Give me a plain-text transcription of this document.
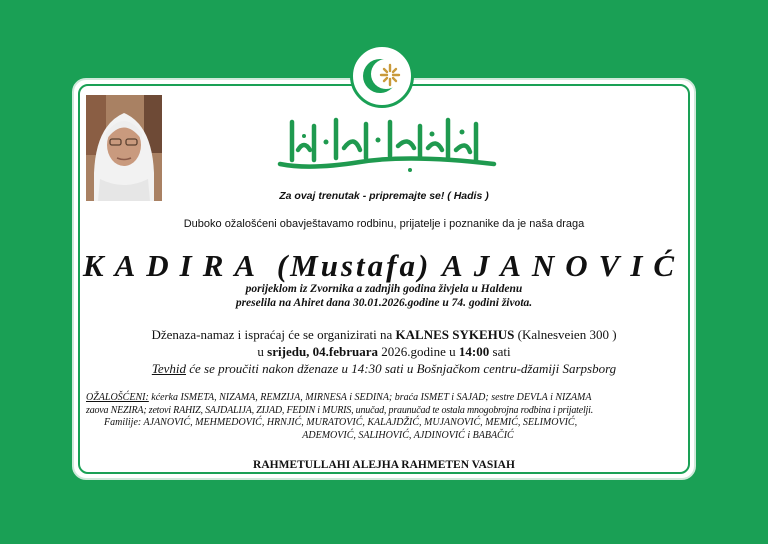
Za ovaj trenutak - pripremajte se! ( Hadis )
Duboko ožalošćeni obavještavamo rodbinu, prijatelje i poznanike da je naša draga
KADIRA (Mustafa) AJANOVIĆ
porijeklom iz Zvornika a zadnjih godina živjela u Haldenu
preselila na Ahiret dana 30.01.2026.godine u 74. godini života.
Dženaza-namaz i ispraćaj će se organizirati na KALNES SYKEHUS (Kalnesveien 300 )
u srijedu, 04.februara 2026.godine u 14:00 sati
Tevhid će se proučiti nakon dženaze u 14:30 sati u Bošnjačkom centru-džamiji Sarpsborg
OŽALOŠĆENI: kćerka ISMETA, NIZAMA, REMZIJA, MIRNESA i SEDINA; braća ISMET i SAJAD; sestre DEVLA i NIZAMA
zaova NEZIRA; zetovi RAHIZ, SAJDALIJA, ZIJAD, FEDIN i MURIS, unučad, praunučad te ostala mnogobrojna rodbina i prijatelji.
Familije: AJANOVIĆ, MEHMEDOVIĆ, HRNJIĆ, MURATOVIĆ, KALAJDŽIĆ, MUJANOVIĆ, MEMIĆ, SELIMOVIĆ,
ADEMOVIĆ, SALIHOVIĆ, AJDINOVIĆ i BABAČIĆ
RAHMETULLAHI ALEJHA RAHMETEN VASIAH
